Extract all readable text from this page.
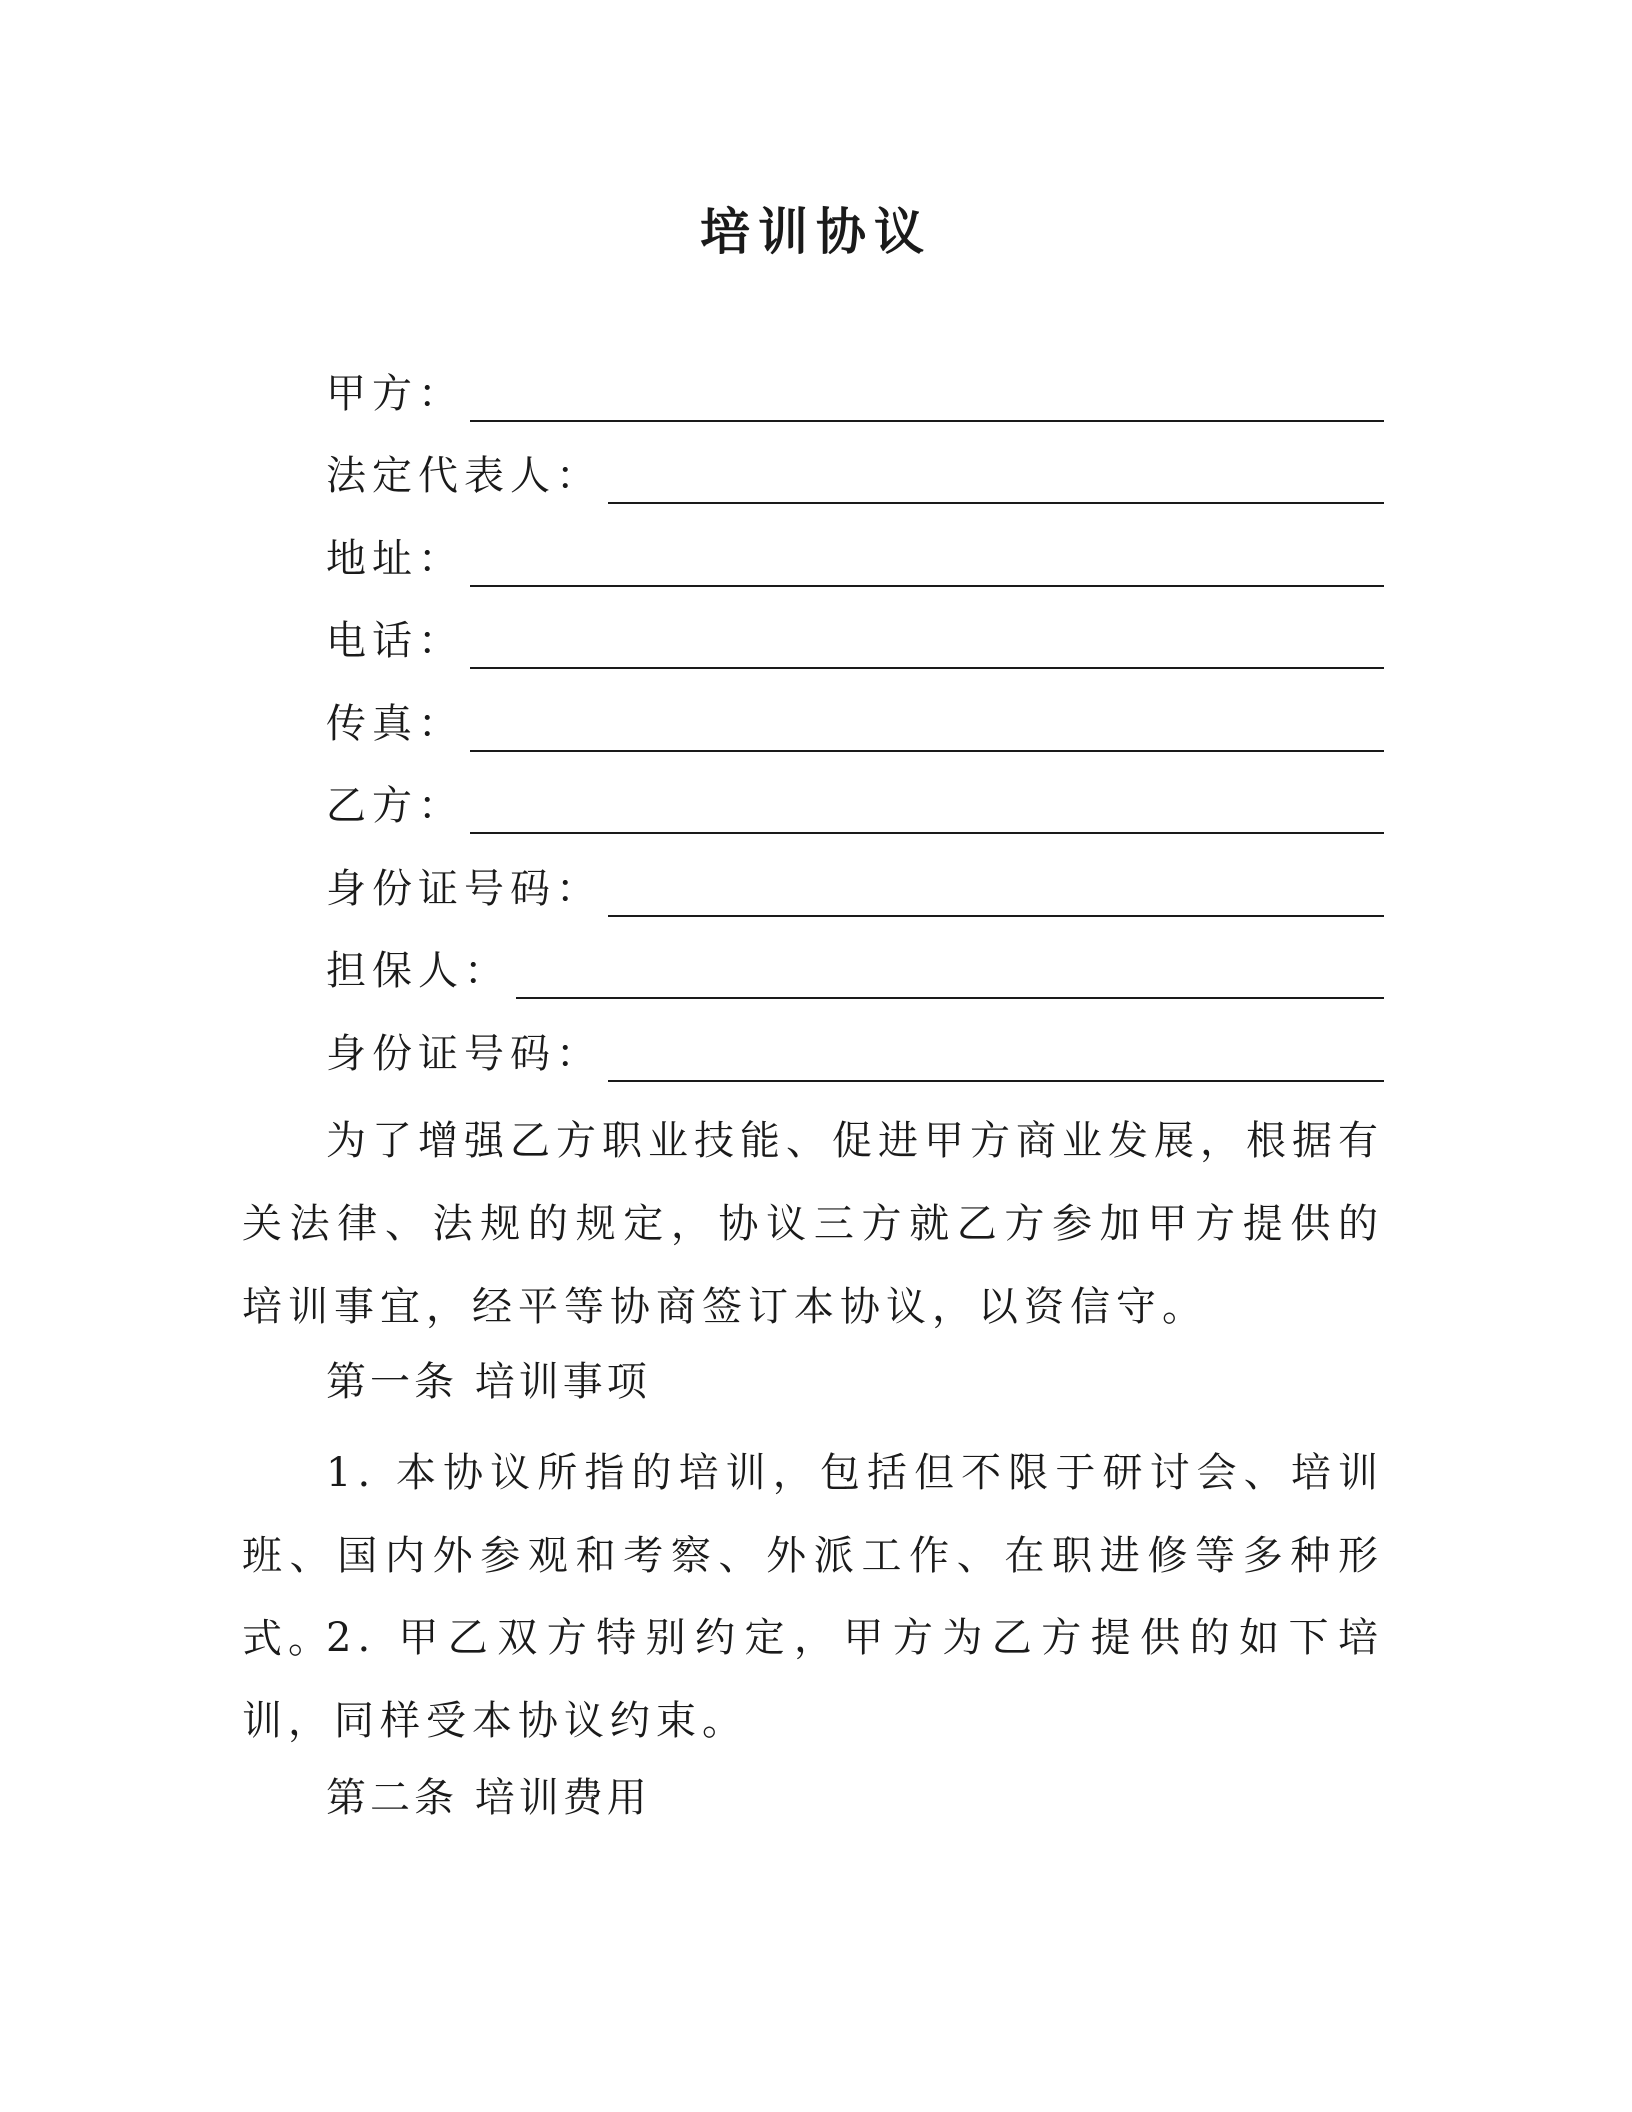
培训协议
甲方：
法定代表人：
地址：
电话：
传真：
乙方：
身份证号码：
担保人：
身份证号码：

为了增强乙方职业技能、促进甲方商业发展，根据有关法律、法规的规定，协议三方就乙方参加甲方提供的培训事宜，经平等协商签订本协议，以资信守。

第一条 培训事项

1. 本协议所指的培训，包括但不限于研讨会、培训班、国内外参观和考察、外派工作、在职进修等多种形式。

2. 甲乙双方特别约定，甲方为乙方提供的如下培训，同样受本协议约束。

第二条 培训费用
